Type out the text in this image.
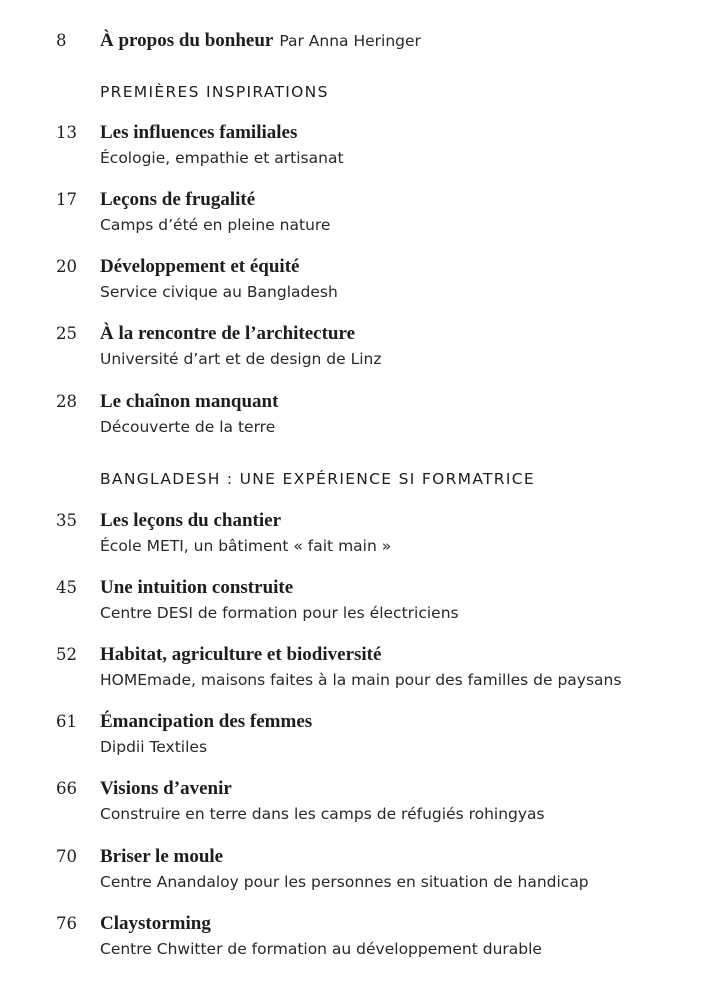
8	À propos du bonheur Par Anna Heringer
PREMIÈRES INSPIRATIONS
13	Les influences familiales
Écologie, empathie et artisanat
17	Leçons de frugalité
Camps d’été en pleine nature
20	Développement et équité
Service civique au Bangladesh
25	À la rencontre de l’architecture
Université d’art et de design de Linz
28	Le chaînon manquant
Découverte de la terre
BANGLADESH : UNE EXPÉRIENCE SI FORMATRICE
35	Les leçons du chantier
École METI, un bâtiment « fait main »
45	Une intuition construite
Centre DESI de formation pour les électriciens
52	Habitat, agriculture et biodiversité
HOMEmade, maisons faites à la main pour des familles de paysans
61	Émancipation des femmes
Dipdii Textiles
66	Visions d’avenir
Construire en terre dans les camps de réfugiés rohingyas
70	Briser le moule
Centre Anandaloy pour les personnes en situation de handicap
76	Claystorming
Centre Chwitter de formation au développement durable
